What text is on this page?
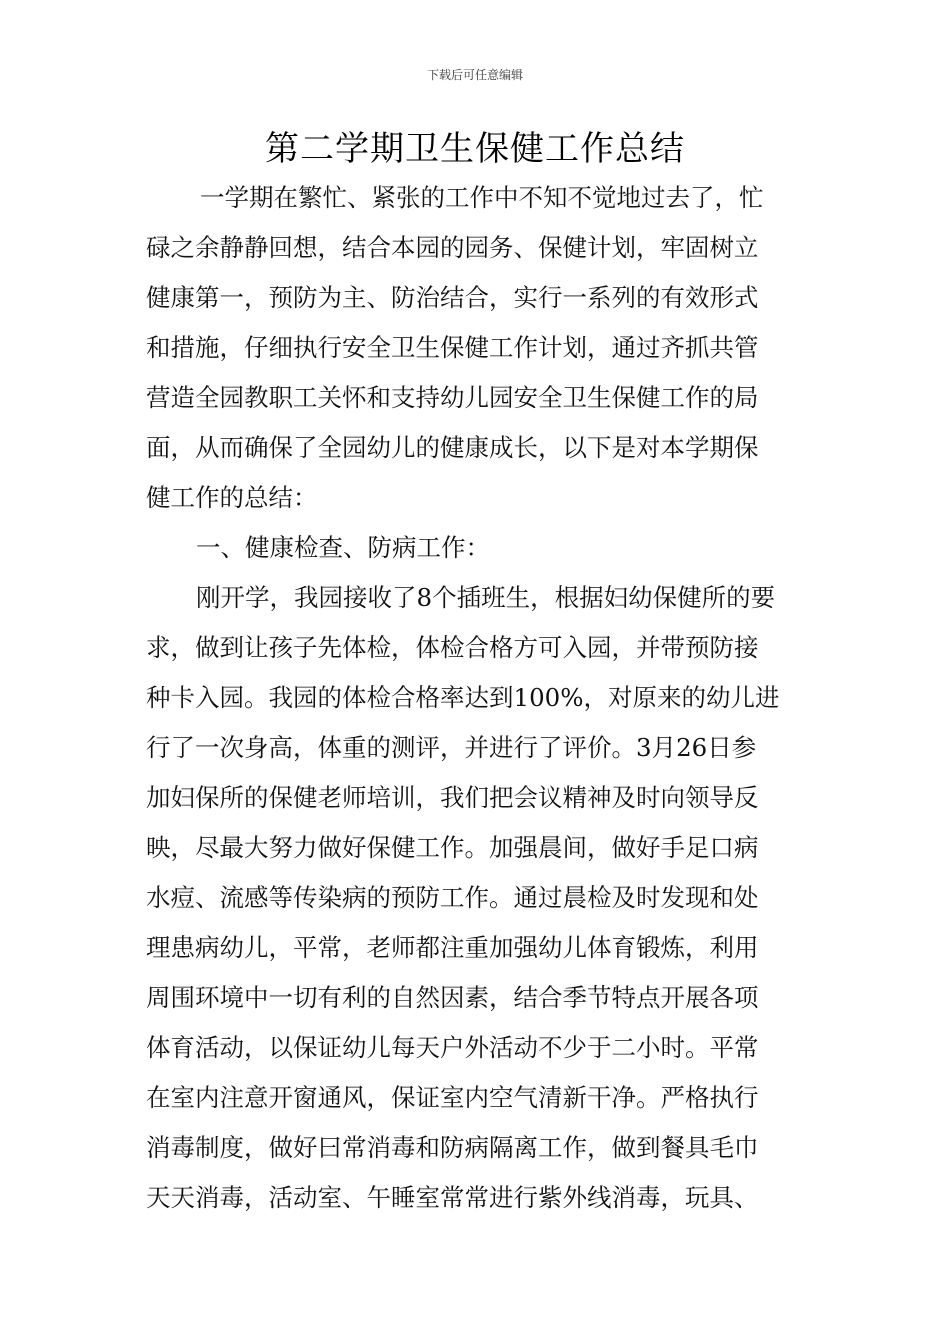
下载后可任意编辑
第二学期卫生保健工作总结
一学期在繁忙、紧张的工作中不知不觉地过去了，忙
碌之余静静回想，结合本园的园务、保健计划，牢固树立
健康第一，预防为主、防治结合，实行一系列的有效形式
和措施，仔细执行安全卫生保健工作计划，通过齐抓共管
营造全园教职工关怀和支持幼儿园安全卫生保健工作的局
面，从而确保了全园幼儿的健康成长，以下是对本学期保
健工作的总结：
一、健康检查、防病工作：
刚开学，我园接收了8个插班生，根据妇幼保健所的要
求，做到让孩子先体检，体检合格方可入园，并带预防接
种卡入园。我园的体检合格率达到100%，对原来的幼儿进
行了一次身高，体重的测评，并进行了评价。3月26日参
加妇保所的保健老师培训，我们把会议精神及时向领导反
映，尽最大努力做好保健工作。加强晨间，做好手足口病
水痘、流感等传染病的预防工作。通过晨检及时发现和处
理患病幼儿，平常，老师都注重加强幼儿体育锻炼，利用
周围环境中一切有利的自然因素，结合季节特点开展各项
体育活动，以保证幼儿每天户外活动不少于二小时。平常
在室内注意开窗通风，保证室内空气清新干净。严格执行
消毒制度，做好曰常消毒和防病隔离工作，做到餐具毛巾
天天消毒，活动室、午睡室常常进行紫外线消毒，玩具、
